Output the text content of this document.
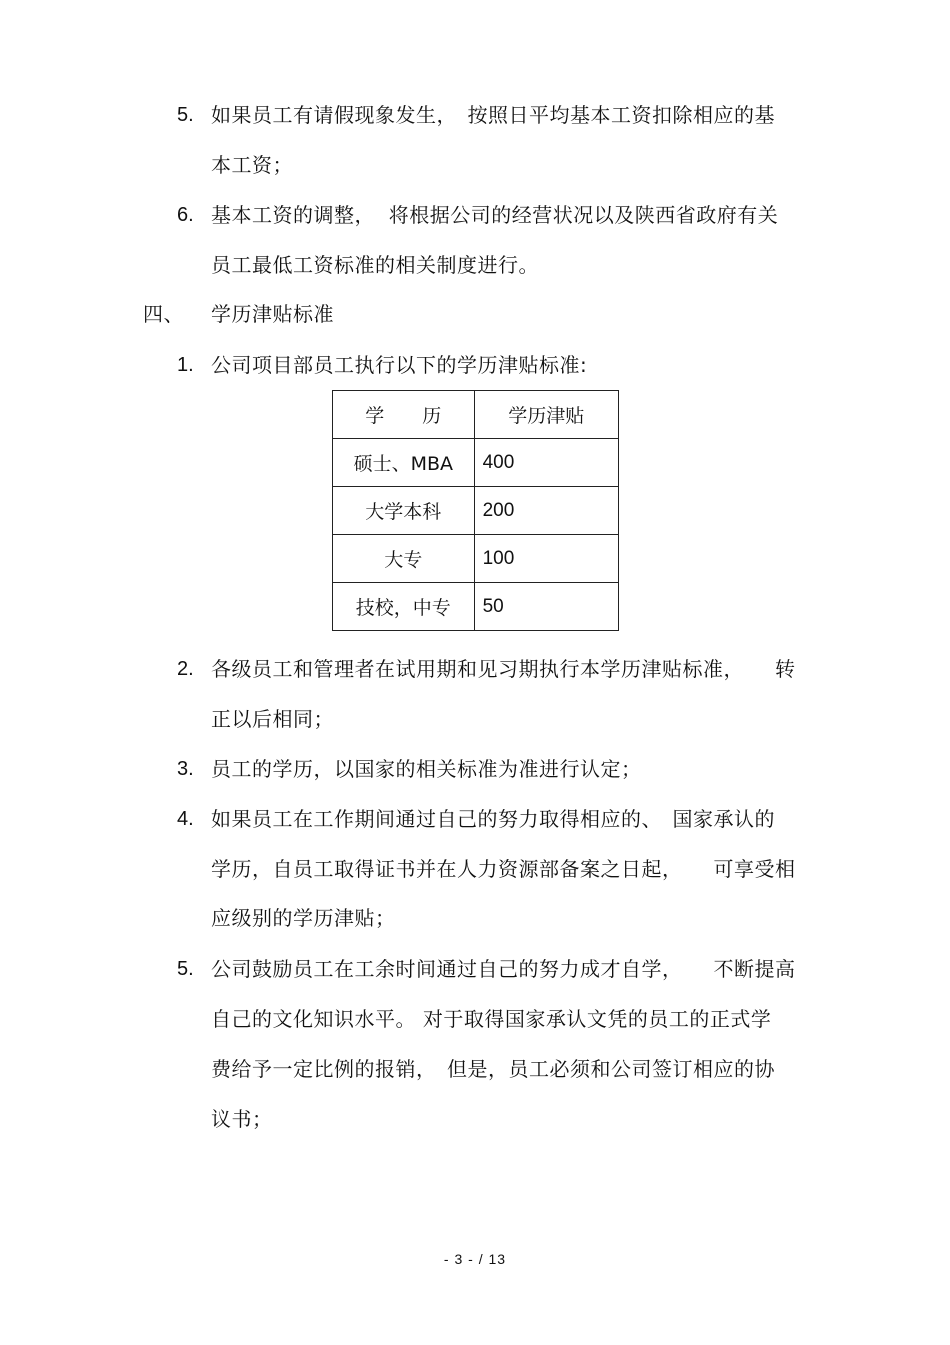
5. 如果员工有请假现象发生，　按照日平均基本工资扣除相应的基
本工资；
6. 基本工资的调整，  将根据公司的经营状况以及陕西省政府有关
员工最低工资标准的相关制度进行。
四、 学历津贴标准
1. 公司项目部员工执行以下的学历津贴标准:
学　　历	学历津贴
硕士、MBA	400
大学本科	200
大专	100
技校，中专	50
2. 各级员工和管理者在试用期和见习期执行本学历津贴标准，　　转
正以后相同；
3. 员工的学历，以国家的相关标准为准进行认定；
4. 如果员工在工作期间通过自己的努力取得相应的、　国家承认的
学历，自员工取得证书并在人力资源部备案之日起，　　可享受相
应级别的学历津贴；
5. 公司鼓励员工在工余时间通过自己的努力成才自学，　　不断提高
自己的文化知识水平。 对于取得国家承认文凭的员工的正式学
费给予一定比例的报销，　但是，员工必须和公司签订相应的协
议书；
- 3 - / 13
